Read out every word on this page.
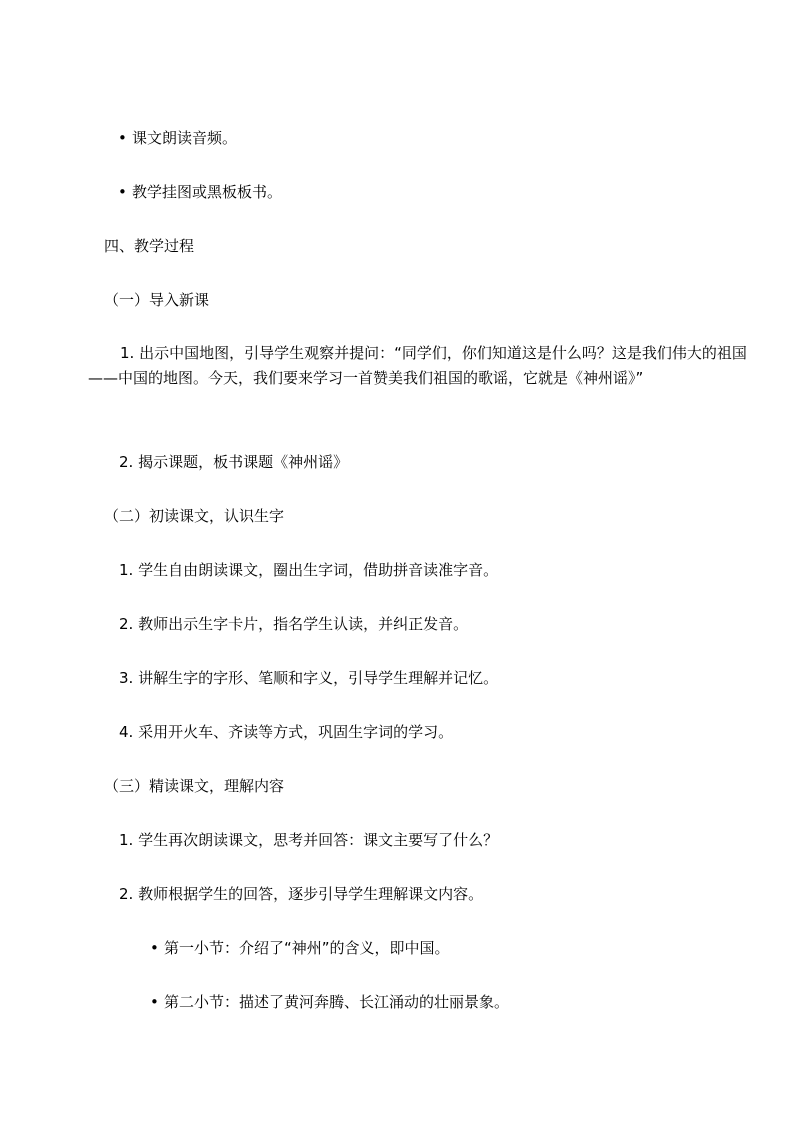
• 课文朗读音频。
• 教学挂图或黑板板书。
四、教学过程
（一）导入新课
1. 出示中国地图，引导学生观察并提问：“同学们，你们知道这是什么吗？这是我们伟大的祖国——中国的地图。今天，我们要来学习一首赞美我们祖国的歌谣，它就是《神州谣》”
2. 揭示课题，板书课题《神州谣》
（二）初读课文，认识生字
1. 学生自由朗读课文，圈出生字词，借助拼音读准字音。
2. 教师出示生字卡片，指名学生认读，并纠正发音。
3. 讲解生字的字形、笔顺和字义，引导学生理解并记忆。
4. 采用开火车、齐读等方式，巩固生字词的学习。
（三）精读课文，理解内容
1. 学生再次朗读课文，思考并回答：课文主要写了什么？
2. 教师根据学生的回答，逐步引导学生理解课文内容。
• 第一小节：介绍了“神州”的含义，即中国。
• 第二小节：描述了黄河奔腾、长江涌动的壮丽景象。
